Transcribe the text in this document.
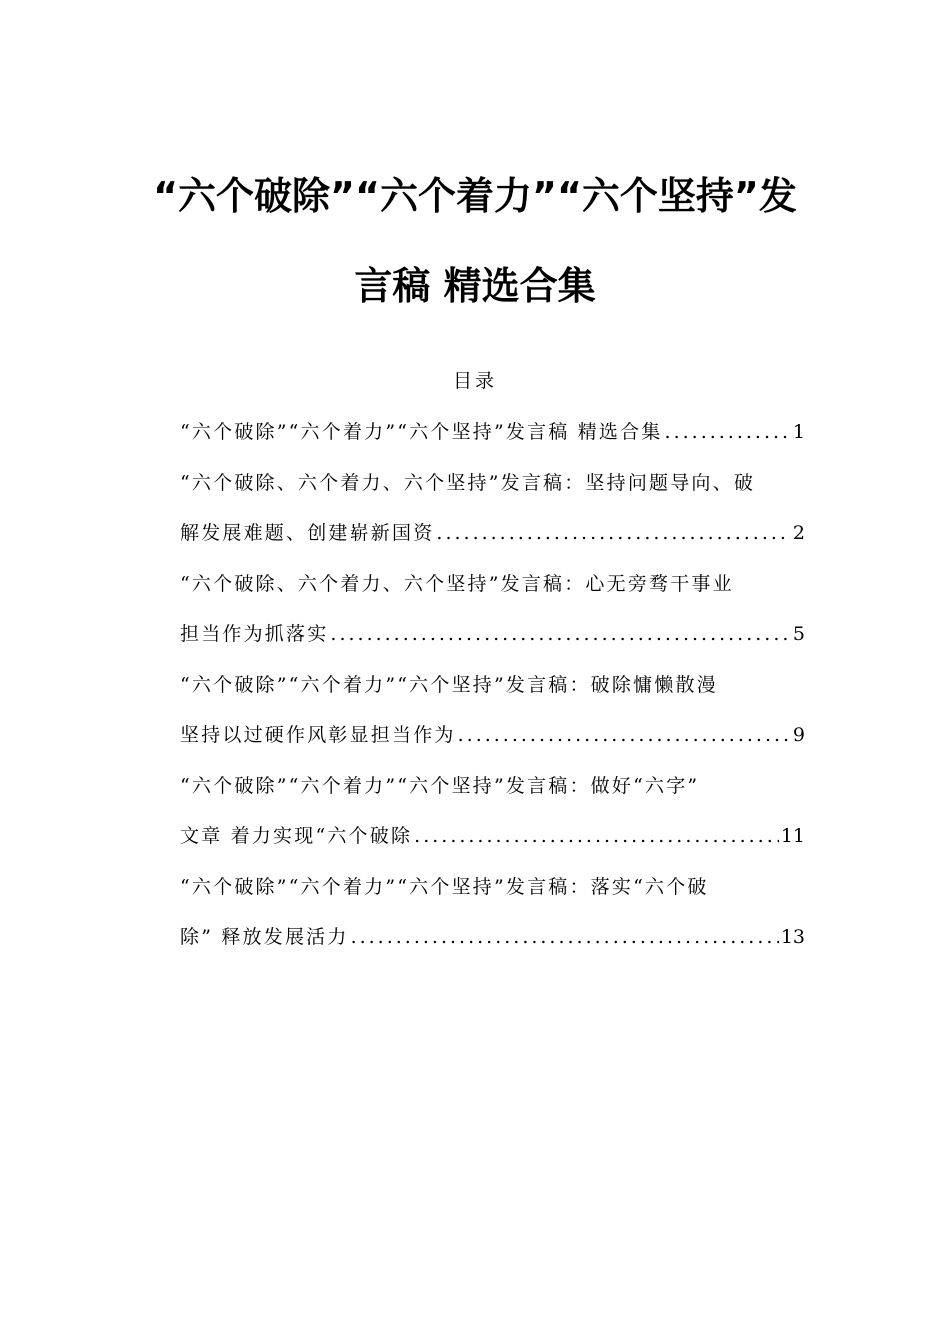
“六个破除”“六个着力”“六个坚持”发
言稿 精选合集
目录
“六个破除”“六个着力”“六个坚持”发言稿 精选合集 .....	1
“六个破除、六个着力、六个坚持”发言稿：坚持问题导向、破
解发展难题、创建崭新国资 .....	2
“六个破除、六个着力、六个坚持”发言稿：心无旁骛干事业
担当作为抓落实 .....	5
“六个破除”“六个着力”“六个坚持”发言稿：破除慵懒散漫
坚持以过硬作风彰显担当作为 .....	9
“六个破除”“六个着力”“六个坚持”发言稿：做好“六字”
文章 着力实现“六个破除 .....	11
“六个破除”“六个着力”“六个坚持”发言稿：落实“六个破
除” 释放发展活力 .....	13
